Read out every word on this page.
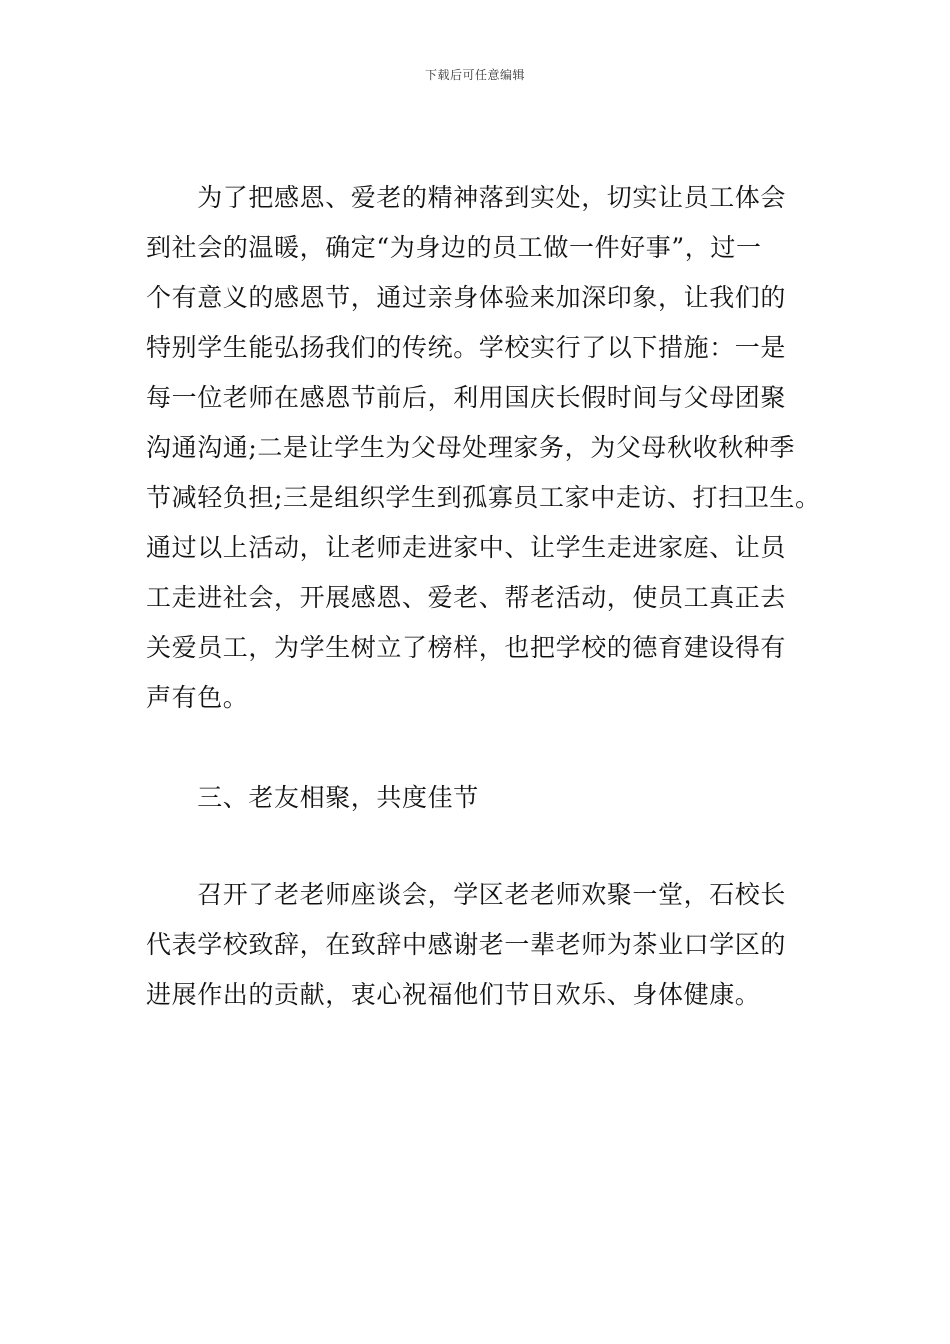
下载后可任意编辑
　　为了把感恩、爱老的精神落到实处，切实让员工体会
到社会的温暖，确定“为身边的员工做一件好事”，过一
个有意义的感恩节，通过亲身体验来加深印象，让我们的
特别学生能弘扬我们的传统。学校实行了以下措施：一是
每一位老师在感恩节前后，利用国庆长假时间与父母团聚
沟通沟通;二是让学生为父母处理家务，为父母秋收秋种季
节减轻负担;三是组织学生到孤寡员工家中走访、打扫卫生。
通过以上活动，让老师走进家中、让学生走进家庭、让员
工走进社会，开展感恩、爱老、帮老活动，使员工真正去
关爱员工，为学生树立了榜样，也把学校的德育建设得有
声有色。
　　三、老友相聚，共度佳节
　　召开了老老师座谈会，学区老老师欢聚一堂，石校长
代表学校致辞，在致辞中感谢老一辈老师为茶业口学区的
进展作出的贡献，衷心祝福他们节日欢乐、身体健康。
